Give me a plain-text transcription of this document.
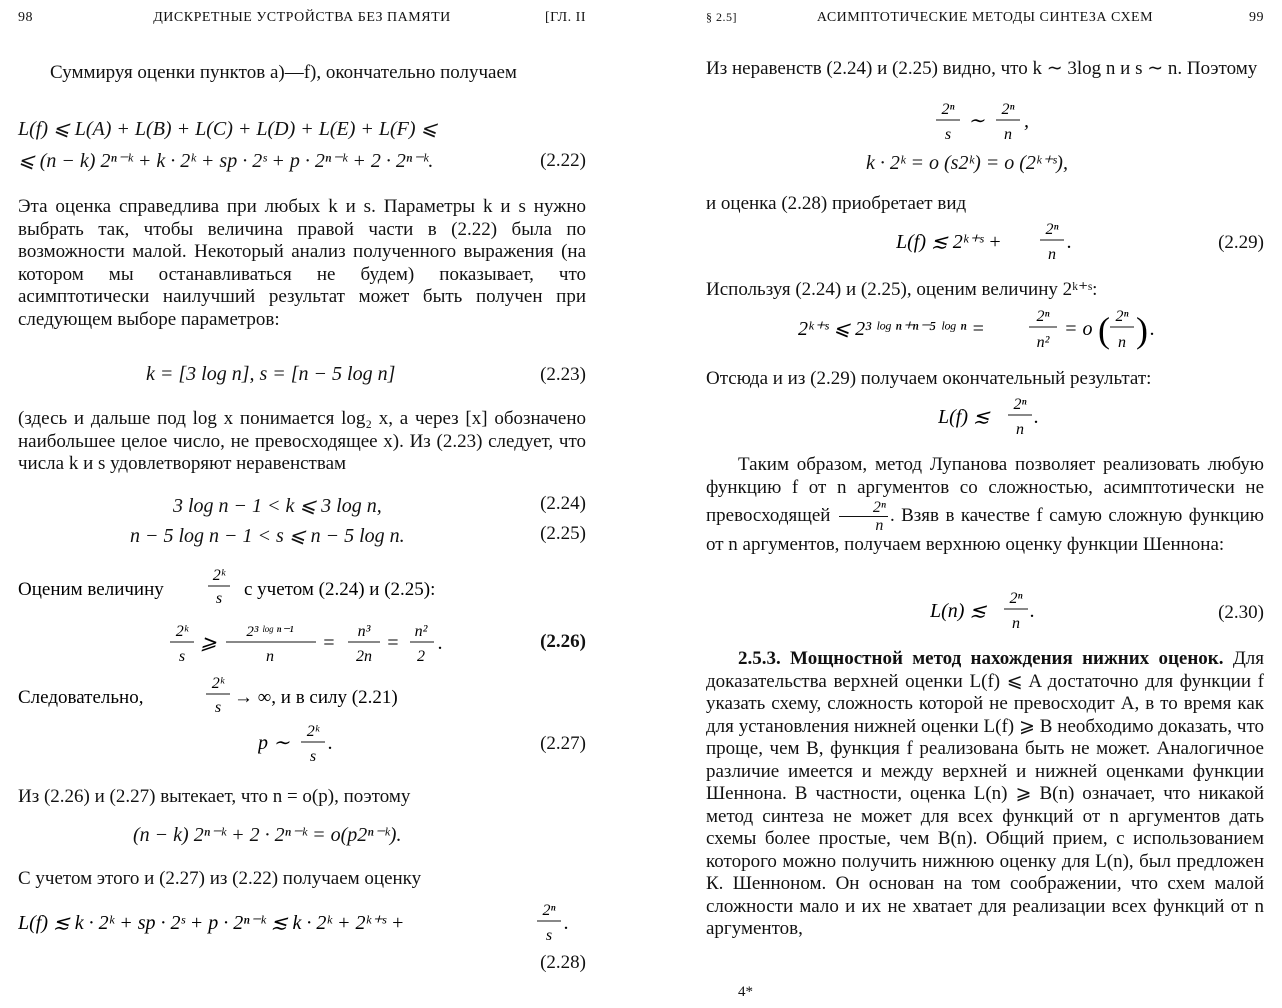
98	ДИСКРЕТНЫЕ УСТРОЙСТВА БЕЗ ПАМЯТИ	[ГЛ. II

Суммируя оценки пунктов a)—f), окончательно получаем

L(f) ⩽ L(A) + L(B) + L(C) + L(D) + L(E) + L(F) ⩽
⩽ (n − k) 2ⁿ⁻ᵏ + k · 2ᵏ + sp · 2ˢ + p · 2ⁿ⁻ᵏ + 2 · 2ⁿ⁻ᵏ.	(2.22)

Эта оценка справедлива при любых k и s. Параметры k и s нужно выбрать так, чтобы величина правой части в (2.22) была по возможности малой. Некоторый анализ полученного выражения (на котором мы останавливаться не будем) показывает, что асимптотически наилучший результат может быть получен при следующем выборе параметров:

k = [3 log n], s = [n − 5 log n]	(2.23)

(здесь и дальше под log x понимается log₂ x, а через [x] обозначено наибольшее целое число, не превосходящее x). Из (2.23) следует, что числа k и s удовлетворяют неравенствам

3 log n − 1 < k ⩽ 3 log n,	(2.24)
n − 5 log n − 1 < s ⩽ n − 5 log n.	(2.25)
Оценим величину
2ᵏ
s с учетом (2.24) и (2.25):
2ᵏ
s
⩾ 2³ ˡᵒᵍ ⁿ⁻¹
n
=
n³
2n
=
n²
2
.	(2.26)
Следовательно,
2ᵏ
s → ∞, и в силу (2.21)
p ∼
2ᵏ
s
.	(2.27)

Из (2.26) и (2.27) вытекает, что n = o(p), поэтому

(n − k) 2ⁿ⁻ᵏ + 2 · 2ⁿ⁻ᵏ = o(p2ⁿ⁻ᵏ).

С учетом этого и (2.27) из (2.22) получаем оценку

L(f) ≲ k · 2ᵏ + sp · 2ˢ + p · 2ⁿ⁻ᵏ ≲ k · 2ᵏ + 2ᵏ⁺ˢ +
2ⁿ
s
.
(2.28)
§ 2.5]	АСИМПТОТИЧЕСКИЕ МЕТОДЫ СИНТЕЗА СХЕМ	99

Из неравенств (2.24) и (2.25) видно, что k ∼ 3log n и s ∼ n. Поэтому

2ⁿ
s
∼
2ⁿ
n
,
k · 2ᵏ = o (s2ᵏ) = o (2ᵏ⁺ˢ),

и оценка (2.28) приобретает вид

L(f) ≲ 2ᵏ⁺ˢ +
2ⁿ
n
.	(2.29)

Используя (2.24) и (2.25), оценим величину 2ᵏ⁺ˢ:

2ᵏ⁺ˢ ⩽ 2³ ˡᵒᵍ ⁿ⁺ⁿ⁻⁵ ˡᵒᵍ ⁿ =
2ⁿ
n²
= o ( 2ⁿ
n ) .

Отсюда и из (2.29) получаем окончательный результат:

L(f) ≲
2ⁿ
n
.

Таким образом, метод Лупанова позволяет реализовать любую функцию f от n аргументов со сложностью, асимптотически не превосходящей $\frac{\text{2ⁿ}}{n}$ . Взяв в качестве f самую сложную функцию от n аргументов, получаем верхнюю оценку функции Шеннона:

L(n) ≲
2ⁿ
n
.	(2.30)

2.5.3. Мощностной метод нахождения нижних оценок. Для доказательства верхней оценки L(f) ⩽ A достаточно для функции f указать схему, сложность которой не превосходит A, в то время как для установления нижней оценки L(f) ⩾ B необходимо доказать, что проще, чем B, функция f реализована быть не может. Аналогичное различие имеется и между верхней и нижней оценками функции Шеннона. В частности, оценка L(n) ⩾ B(n) означает, что никакой метод синтеза не может для всех функций от n аргументов дать схемы более простые, чем B(n). Общий прием, с использованием которого можно получить нижнюю оценку для L(n), был предложен К. Шенноном. Он основан на том соображении, что схем малой сложности мало и их не хватает для реализации всех функций от n аргументов,

4*
